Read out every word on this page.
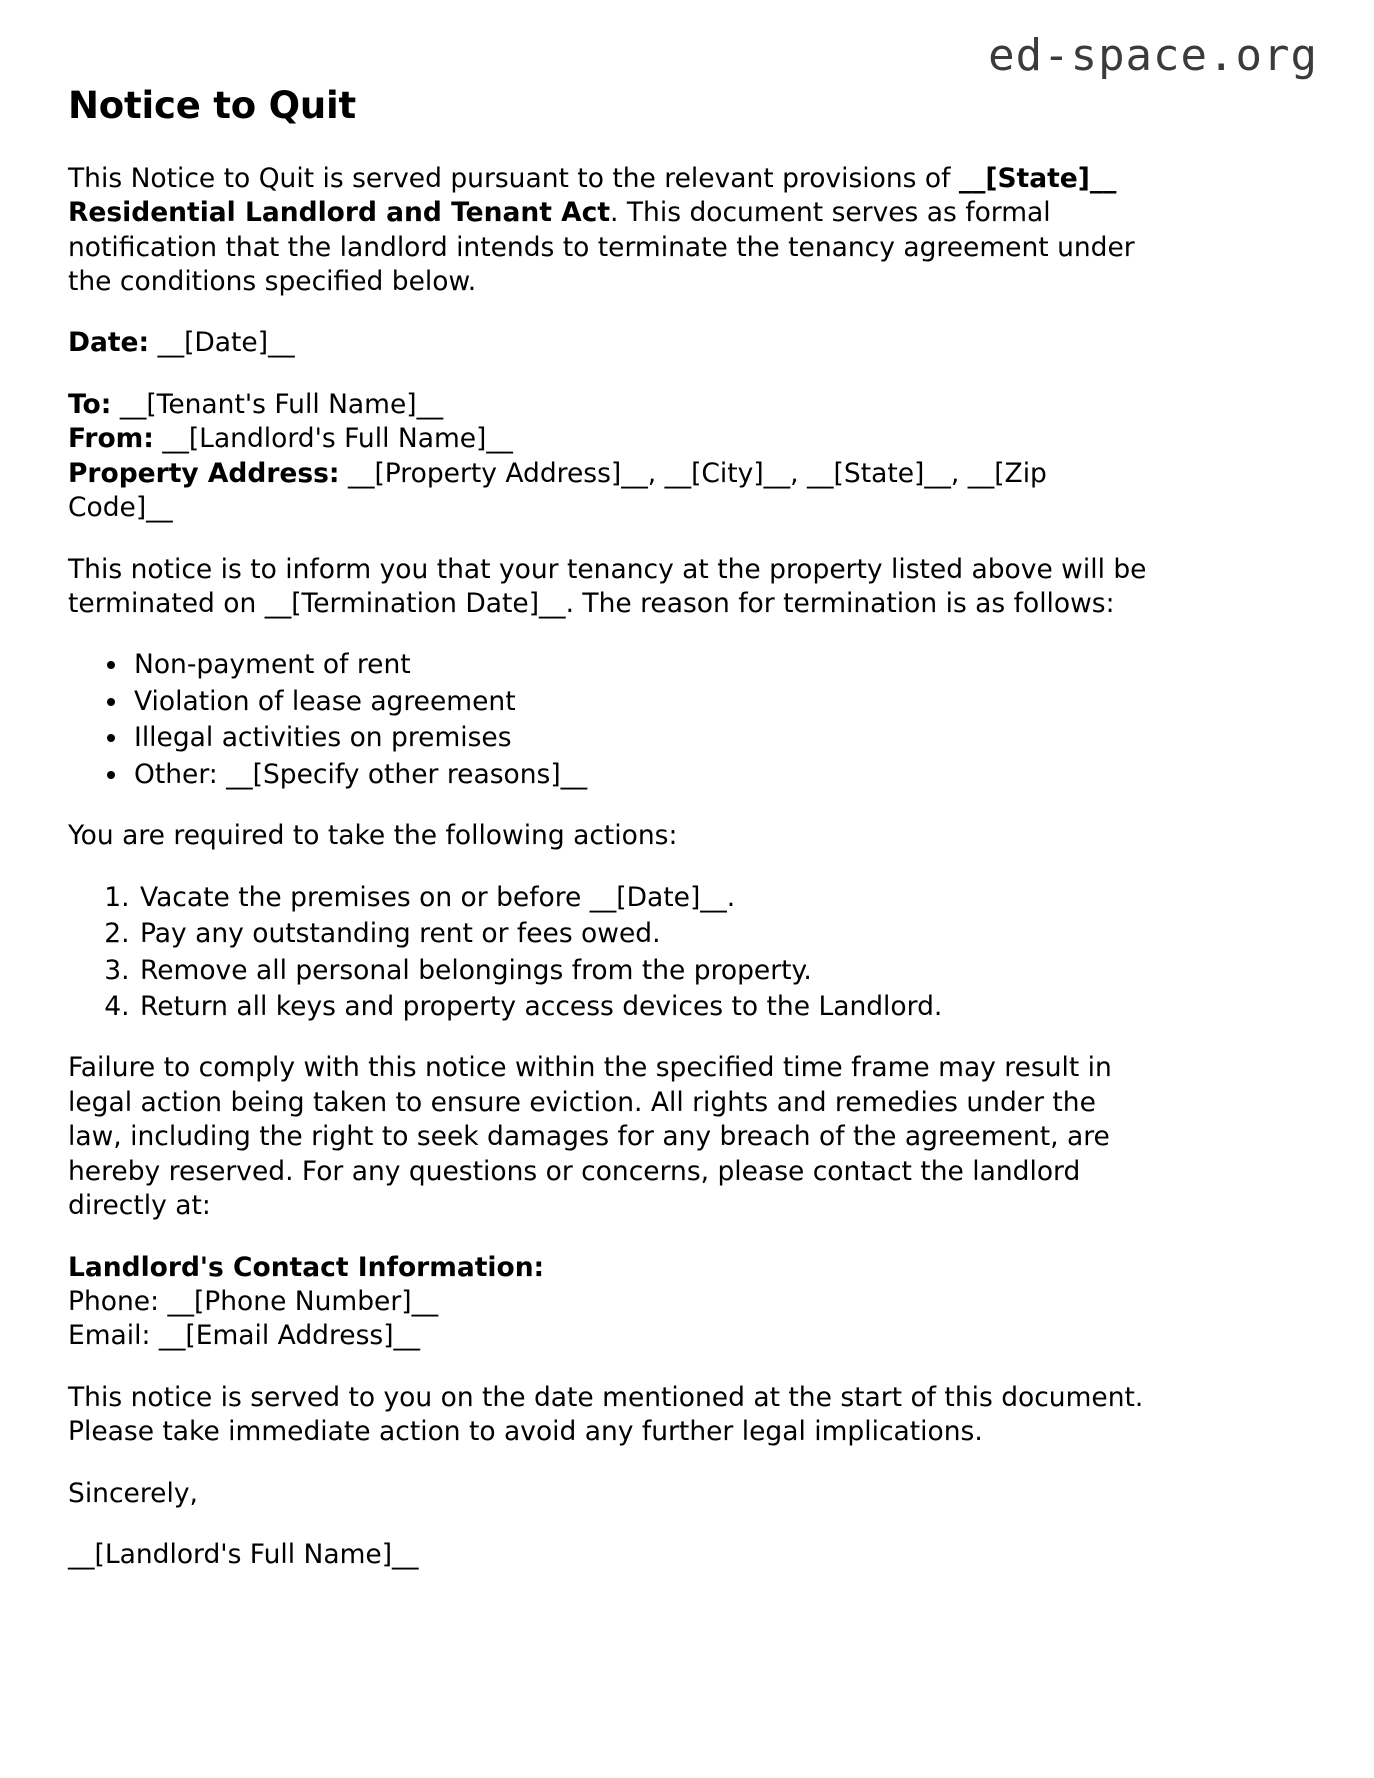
ed-space.org
Notice to Quit

This Notice to Quit is served pursuant to the relevant provisions of __[State]__ Residential Landlord and Tenant Act. This document serves as formal notification that the landlord intends to terminate the tenancy agreement under the conditions specified below.

Date: __[Date]__
To: __[Tenant's Full Name]__
From: __[Landlord's Full Name]__
Property Address: __[Property Address]__, __[City]__, __[State]__, __[Zip Code]__

This notice is to inform you that your tenancy at the property listed above will be terminated on __[Termination Date]__. The reason for termination is as follows:

• Non-payment of rent
• Violation of lease agreement
• Illegal activities on premises
• Other: __[Specify other reasons]__

You are required to take the following actions:

1. Vacate the premises on or before __[Date]__.
2. Pay any outstanding rent or fees owed.
3. Remove all personal belongings from the property.
4. Return all keys and property access devices to the Landlord.

Failure to comply with this notice within the specified time frame may result in legal action being taken to ensure eviction. All rights and remedies under the law, including the right to seek damages for any breach of the agreement, are hereby reserved. For any questions or concerns, please contact the landlord directly at:

Landlord's Contact Information:
Phone: __[Phone Number]__
Email: __[Email Address]__

This notice is served to you on the date mentioned at the start of this document. Please take immediate action to avoid any further legal implications.

Sincerely,

__[Landlord's Full Name]__
